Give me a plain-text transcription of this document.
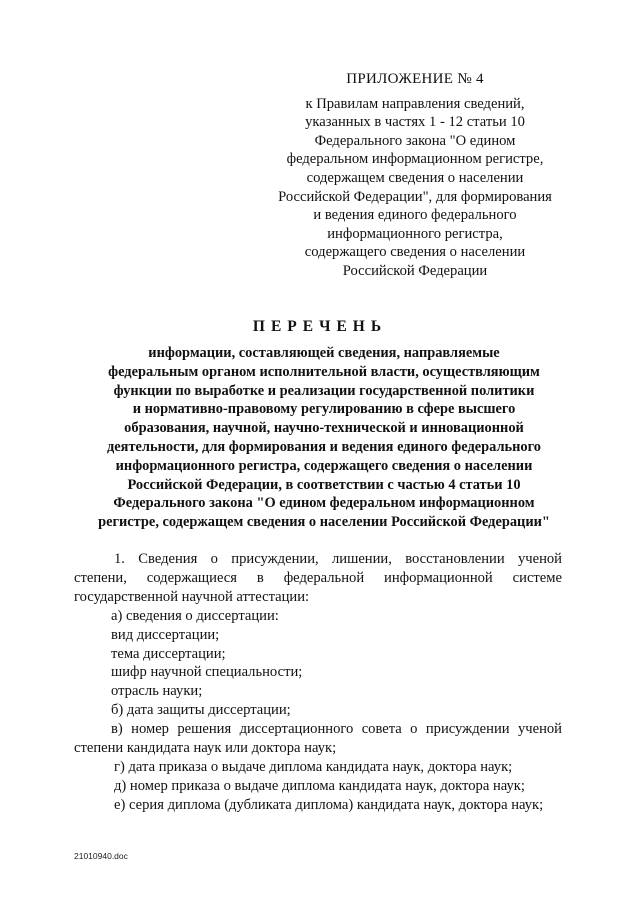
ПРИЛОЖЕНИЕ № 4
к Правилам направления сведений,
указанных в частях 1 - 12 статьи 10
Федерального закона "О едином
федеральном информационном регистре,
содержащем сведения о населении
Российской Федерации", для формирования
и ведения единого федерального
информационного регистра,
содержащего сведения о населении
Российской Федерации
ПЕРЕЧЕНЬ
информации, составляющей сведения, направляемые
федеральным органом исполнительной власти, осуществляющим
функции по выработке и реализации государственной политики
и нормативно-правовому регулированию в сфере высшего
образования, научной, научно-технической и инновационной
деятельности, для формирования и ведения единого федерального
информационного регистра, содержащего сведения о населении
Российской Федерации, в соответствии с частью 4 статьи 10
Федерального закона "О едином федеральном информационном
регистре, содержащем сведения о населении Российской Федерации"
1. Сведения о присуждении, лишении, восстановлении ученой
степени, содержащиеся в федеральной информационной системе
государственной научной аттестации:
а) сведения о диссертации:
вид диссертации;
тема диссертации;
шифр научной специальности;
отрасль науки;
б) дата защиты диссертации;
в) номер решения диссертационного совета о присуждении ученой
степени кандидата наук или доктора наук;
г) дата приказа о выдаче диплома кандидата наук, доктора наук;
д) номер приказа о выдаче диплома кандидата наук, доктора наук;
е) серия диплома (дубликата диплома) кандидата наук, доктора наук;
21010940.doc
